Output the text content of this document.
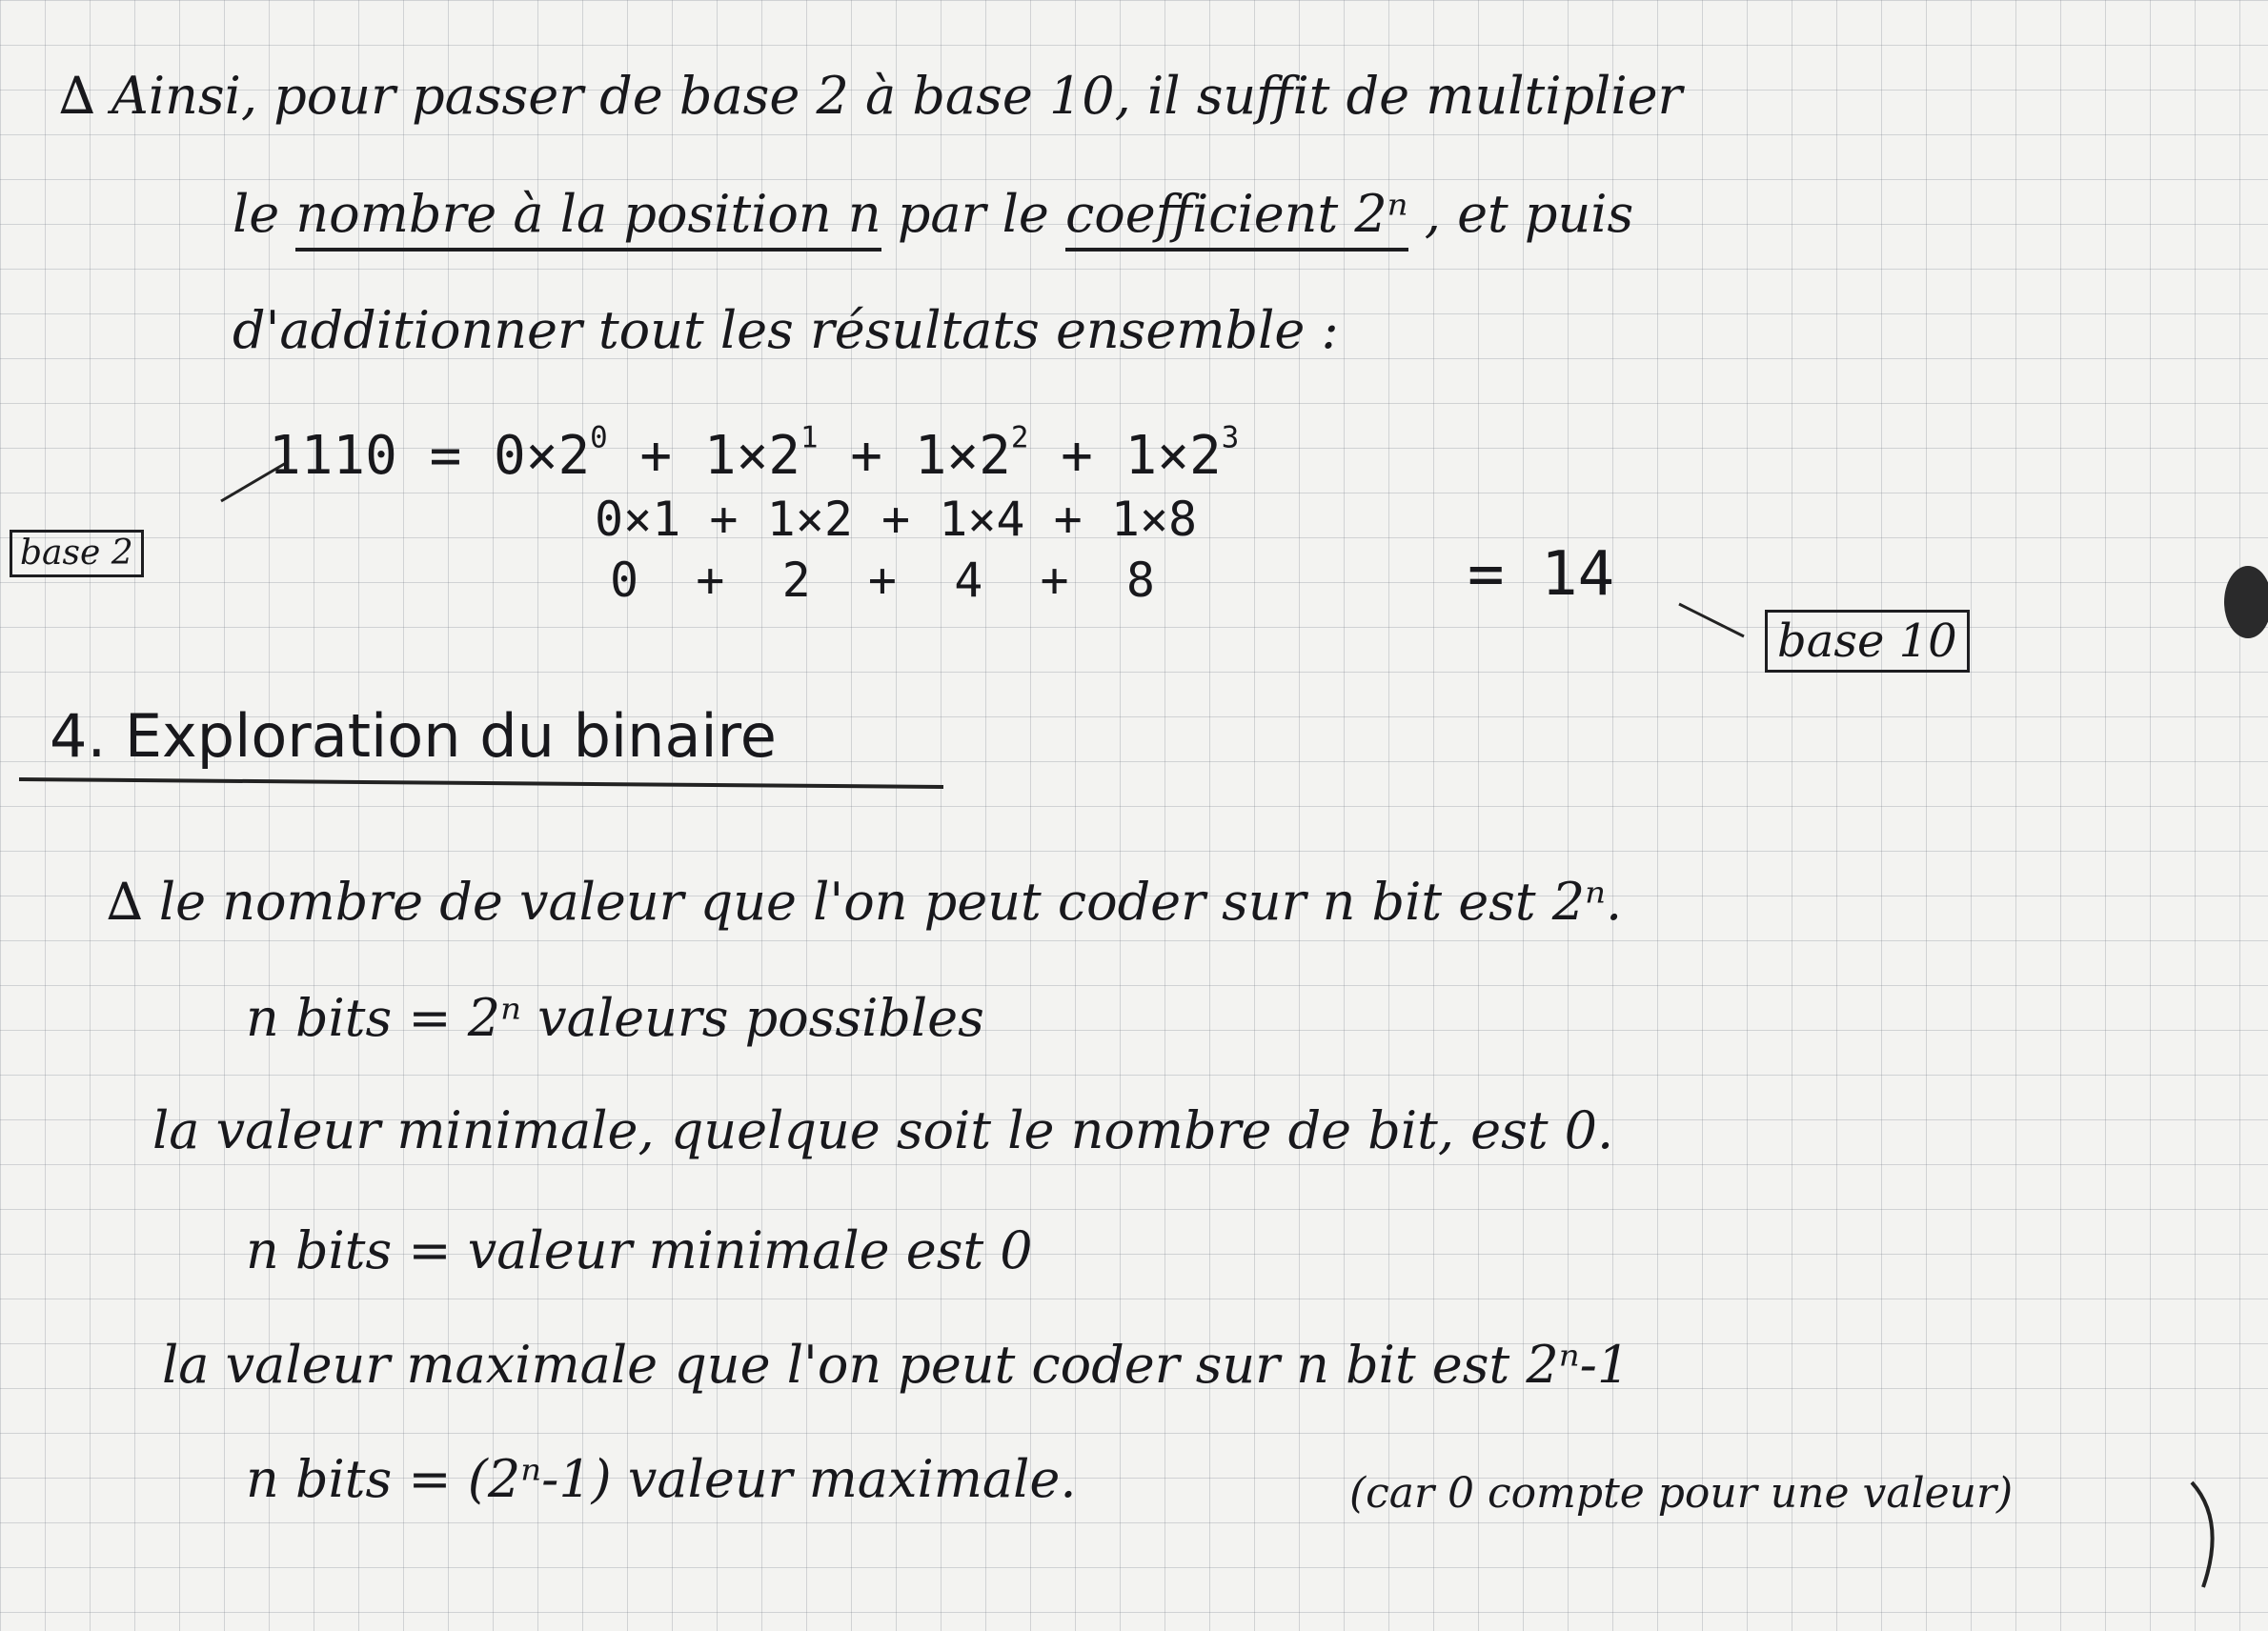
∆ Ainsi, pour passer de base 2 à base 10, il suffit de multiplier
le nombre à la position n par le coefficient 2ⁿ , et puis
d'additionner tout les résultats ensemble :
$1110 = 0\times 2^0 + 1\times 2^1 + 1\times 2^2 + 1\times 2^3$
0×1 + 1×2 + 1×4 + 1×8
0  +  2  +  4  +  8	= 14
base 2
base 10
4. Exploration du binaire
∆ le nombre de valeur que l'on peut coder sur n bit est 2ⁿ.
n bits = 2ⁿ valeurs possibles
la valeur minimale, quelque soit le nombre de bit, est 0.
n bits = valeur minimale est 0
la valeur maximale que l'on peut coder sur n bit est 2ⁿ-1
n bits = (2ⁿ-1) valeur maximale.	(car 0 compte pour une valeur)
